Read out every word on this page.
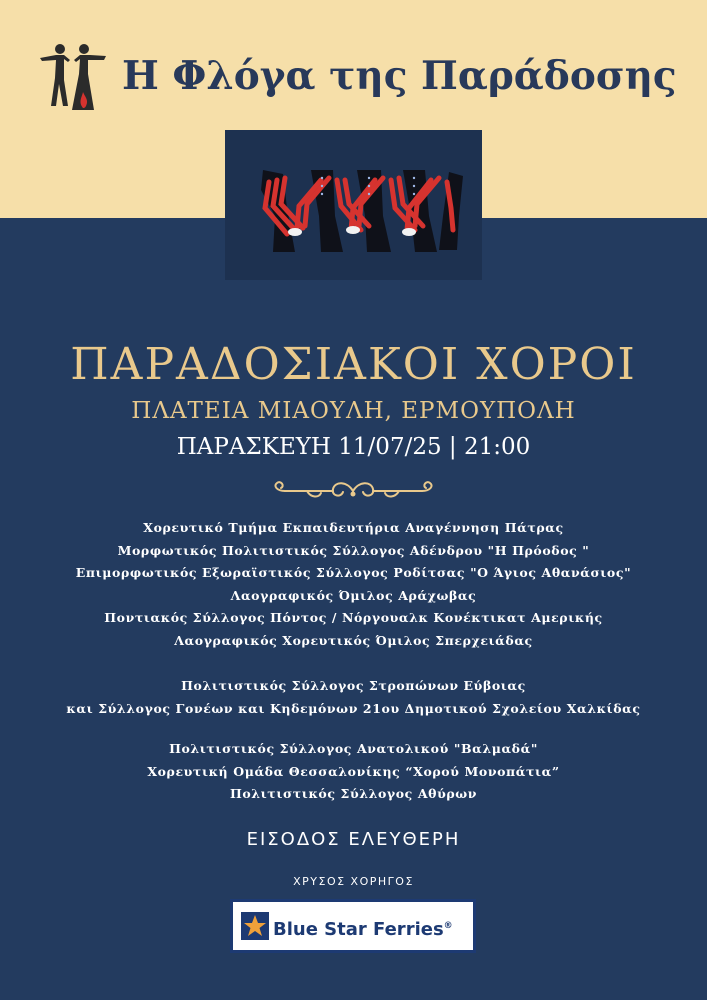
Η Φλόγα της Παράδοσης
ΠΑΡΑΔΟΣΙΑΚΟΙ ΧΟΡΟΙ
ΠΛΑΤΕΙΑ ΜΙΑΟΥΛΗ, ΕΡΜΟΥΠΟΛΗ
ΠΑΡΑΣΚΕΥΗ 11/07/25 | 21:00
Χορευτικό Τμήμα Εκπαιδευτήρια Αναγέννηση Πάτρας
Μορφωτικός Πολιτιστικός Σύλλογος Αδένδρου "Η Πρόοδος "
Επιμορφωτικός Εξωραϊστικός Σύλλογος Ροδίτσας "Ο Άγιος Αθανάσιος"
Λαογραφικός Όμιλος Αράχωβας
Ποντιακός Σύλλογος Πόντος / Νόργουαλκ Κονέκτικατ Αμερικής
Λαογραφικός Χορευτικός Όμιλος Σπερχειάδας
Πολιτιστικός Σύλλογος Στροπώνων Εύβοιας
και Σύλλογος Γονέων και Κηδεμόνων 21ου Δημοτικού Σχολείου Χαλκίδας
Πολιτιστικός Σύλλογος Ανατολικού "Βαλμαδά"
Χορευτική Ομάδα Θεσσαλονίκης “Χορού Μονοπάτια”
Πολιτιστικός Σύλλογος Αθύρων
ΕΙΣΟΔΟΣ ΕΛΕΥΘΕΡΗ
ΧΡΥΣΟΣ ΧΟΡΗΓΟΣ
Blue Star Ferries®
